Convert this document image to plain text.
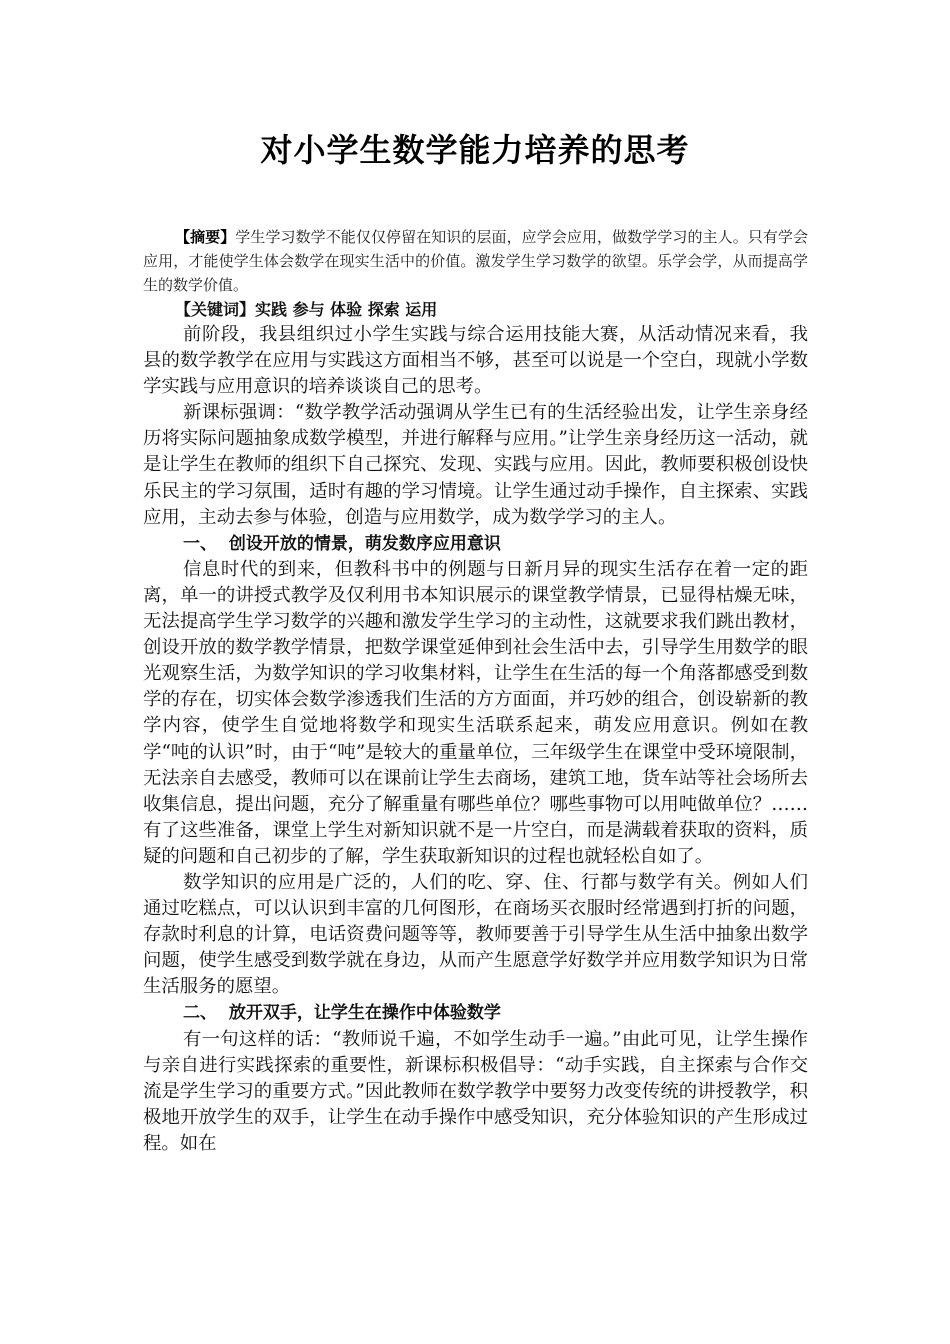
对小学生数学能力培养的思考
【摘要】学生学习数学不能仅仅停留在知识的层面，应学会应用，做数学学习的主人。只有学会应用，才能使学生体会数学在现实生活中的价值。激发学生学习数学的欲望。乐学会学，从而提高学生的数学价值。
【关键词】实践 参与 体验 探索 运用

前阶段，我县组织过小学生实践与综合运用技能大赛，从活动情况来看，我县的数学教学在应用与实践这方面相当不够，甚至可以说是一个空白，现就小学数学实践与应用意识的培养谈谈自己的思考。

新课标强调：“数学教学活动强调从学生已有的生活经验出发，让学生亲身经历将实际问题抽象成数学模型，并进行解释与应用。”让学生亲身经历这一活动，就是让学生在教师的组织下自己探究、发现、实践与应用。因此，教师要积极创设快乐民主的学习氛围，适时有趣的学习情境。让学生通过动手操作，自主探索、实践应用，主动去参与体验，创造与应用数学，成为数学学习的主人。

一、  创设开放的情景，萌发数序应用意识

信息时代的到来，但教科书中的例题与日新月异的现实生活存在着一定的距离，单一的讲授式教学及仅利用书本知识展示的课堂教学情景，已显得枯燥无味，无法提高学生学习数学的兴趣和激发学生学习的主动性，这就要求我们跳出教材，创设开放的数学教学情景，把数学课堂延伸到社会生活中去，引导学生用数学的眼光观察生活，为数学知识的学习收集材料，让学生在生活的每一个角落都感受到数学的存在，切实体会数学渗透我们生活的方方面面，并巧妙的组合，创设崭新的教学内容，使学生自觉地将数学和现实生活联系起来，萌发应用意识。例如在教学“吨的认识”时，由于“吨”是较大的重量单位，三年级学生在课堂中受环境限制，无法亲自去感受，教师可以在课前让学生去商场，建筑工地，货车站等社会场所去收集信息，提出问题，充分了解重量有哪些单位？哪些事物可以用吨做单位？……有了这些准备，课堂上学生对新知识就不是一片空白，而是满载着获取的资料，质疑的问题和自己初步的了解，学生获取新知识的过程也就轻松自如了。

数学知识的应用是广泛的，人们的吃、穿、住、行都与数学有关。例如人们通过吃糕点，可以认识到丰富的几何图形，在商场买衣服时经常遇到打折的问题，存款时利息的计算，电话资费问题等等，教师要善于引导学生从生活中抽象出数学问题，使学生感受到数学就在身边，从而产生愿意学好数学并应用数学知识为日常生活服务的愿望。

二、  放开双手，让学生在操作中体验数学

有一句这样的话：“教师说千遍，不如学生动手一遍。”由此可见，让学生操作与亲自进行实践探索的重要性，新课标积极倡导：“动手实践，自主探索与合作交流是学生学习的重要方式。”因此教师在数学教学中要努力改变传统的讲授教学，积极地开放学生的双手，让学生在动手操作中感受知识，充分体验知识的产生形成过程。如在
